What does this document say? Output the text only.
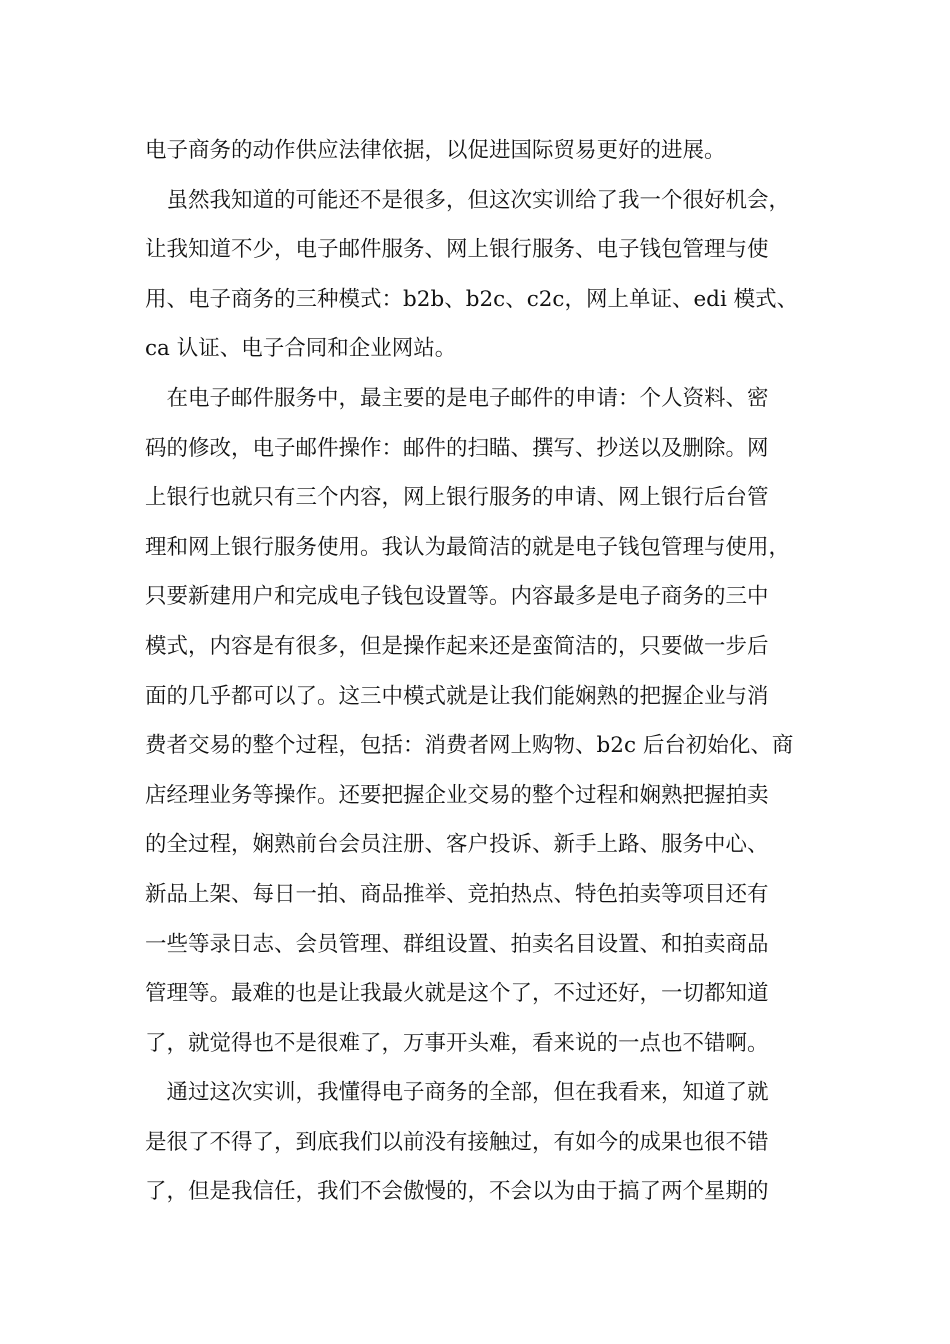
电子商务的动作供应法律依据，以促进国际贸易更好的进展。
　虽然我知道的可能还不是很多，但这次实训给了我一个很好机会，
让我知道不少，电子邮件服务、网上银行服务、电子钱包管理与使
用、电子商务的三种模式：b2b、b2c、c2c，网上单证、edi 模式、
ca 认证、电子合同和企业网站。
　在电子邮件服务中，最主要的是电子邮件的申请：个人资料、密
码的修改，电子邮件操作：邮件的扫瞄、撰写、抄送以及删除。网
上银行也就只有三个内容，网上银行服务的申请、网上银行后台管
理和网上银行服务使用。我认为最简洁的就是电子钱包管理与使用，
只要新建用户和完成电子钱包设置等。内容最多是电子商务的三中
模式，内容是有很多，但是操作起来还是蛮简洁的，只要做一步后
面的几乎都可以了。这三中模式就是让我们能娴熟的把握企业与消
费者交易的整个过程，包括：消费者网上购物、b2c 后台初始化、商
店经理业务等操作。还要把握企业交易的整个过程和娴熟把握拍卖
的全过程，娴熟前台会员注册、客户投诉、新手上路、服务中心、
新品上架、每日一拍、商品推举、竞拍热点、特色拍卖等项目还有
一些等录日志、会员管理、群组设置、拍卖名目设置、和拍卖商品
管理等。最难的也是让我最火就是这个了，不过还好，一切都知道
了，就觉得也不是很难了，万事开头难，看来说的一点也不错啊。
　通过这次实训，我懂得电子商务的全部，但在我看来，知道了就
是很了不得了，到底我们以前没有接触过，有如今的成果也很不错
了，但是我信任，我们不会傲慢的，不会以为由于搞了两个星期的
